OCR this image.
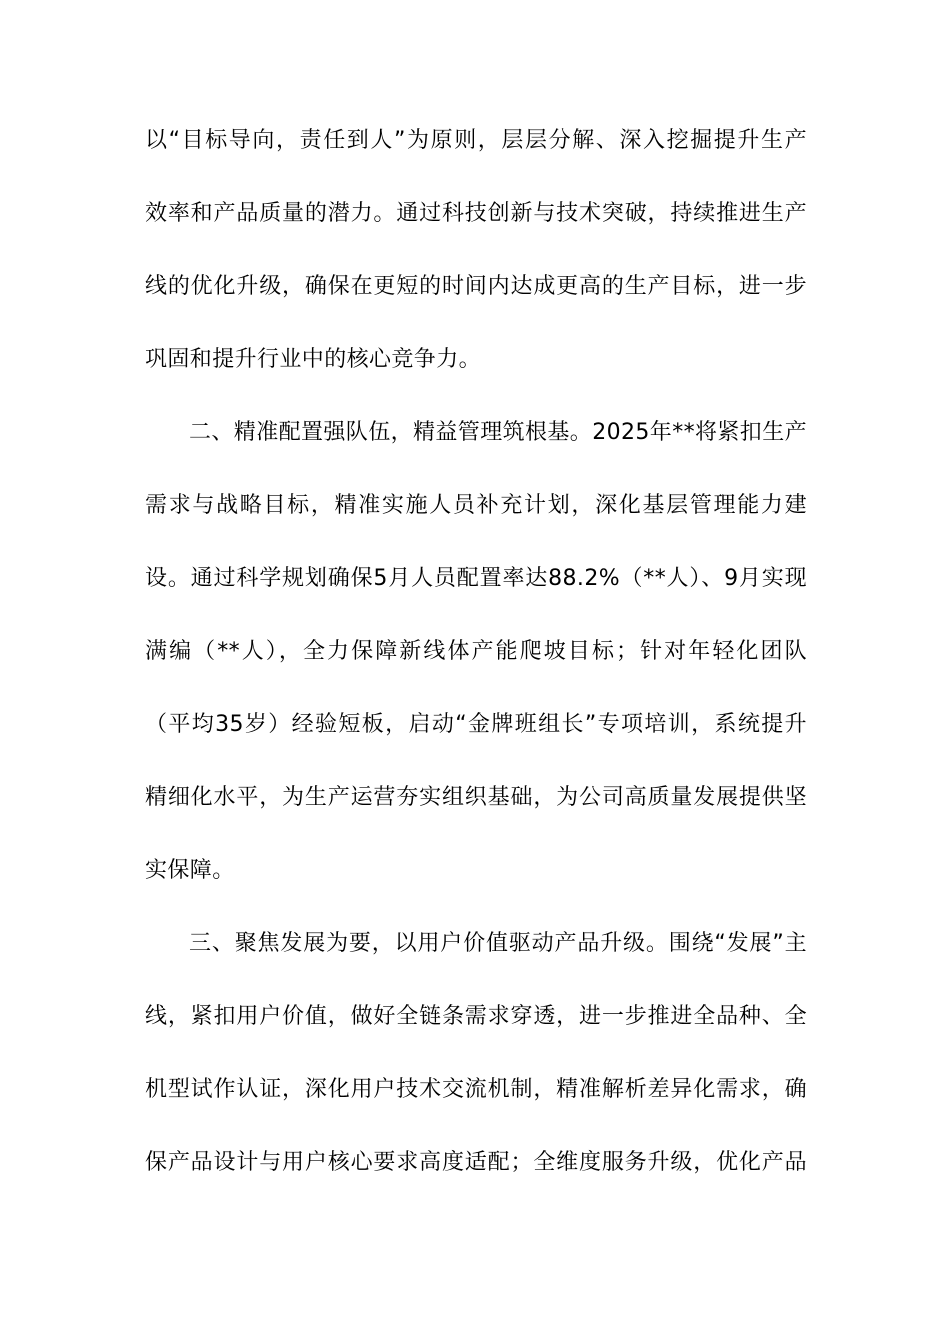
以“目标导向，责任到人”为原则，层层分解、深入挖掘提升生产
效率和产品质量的潜力。通过科技创新与技术突破，持续推进生产
线的优化升级，确保在更短的时间内达成更高的生产目标，进一步
巩固和提升行业中的核心竞争力。
二、精准配置强队伍，精益管理筑根基。2025年**将紧扣生产
需求与战略目标，精准实施人员补充计划，深化基层管理能力建
设。通过科学规划确保5月人员配置率达88.2%（**人）、9月实现
满编（**人），全力保障新线体产能爬坡目标；针对年轻化团队
（平均35岁）经验短板，启动“金牌班组长”专项培训，系统提升
精细化水平，为生产运营夯实组织基础，为公司高质量发展提供坚
实保障。
三、聚焦发展为要，以用户价值驱动产品升级。围绕“发展”主
线，紧扣用户价值，做好全链条需求穿透，进一步推进全品种、全
机型试作认证，深化用户技术交流机制，精准解析差异化需求，确
保产品设计与用户核心要求高度适配；全维度服务升级，优化产品
